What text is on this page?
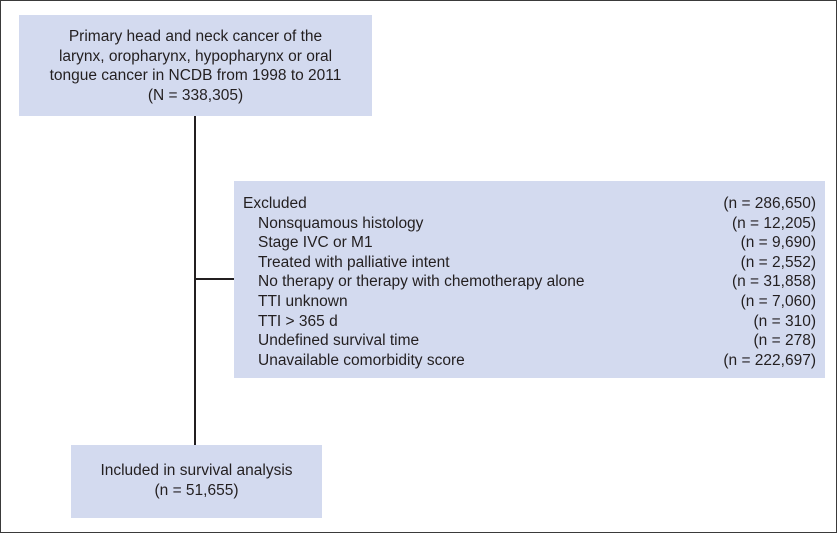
Primary head and neck cancer of the
larynx, oropharynx, hypopharynx or oral
tongue cancer in NCDB from 1998 to 2011
(N = 338,305)
Excluded	(n = 286,650)
Nonsquamous histology	(n = 12,205)
Stage IVC or M1	(n = 9,690)
Treated with palliative intent	(n = 2,552)
No therapy or therapy with chemotherapy alone	(n = 31,858)
TTI unknown	(n = 7,060)
TTI > 365 d	(n = 310)
Undefined survival time	(n = 278)
Unavailable comorbidity score	(n = 222,697)
Included in survival analysis
(n = 51,655)
